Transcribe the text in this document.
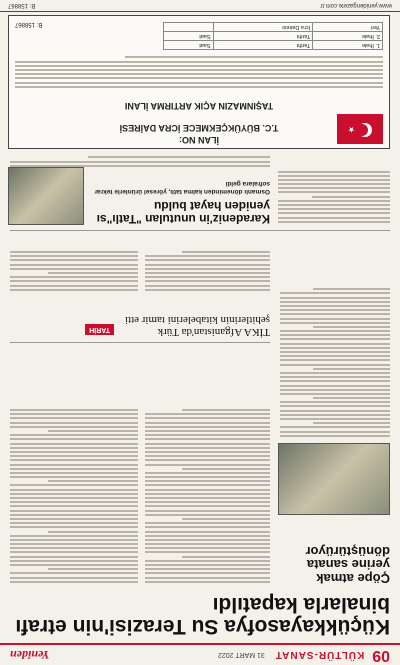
09
KÜLTÜR-SANAT
31 MART 2022
Yeniden
Küçükkayasofya Su Terazisi'nin etrafı binalarla kapatıldı
Çöpe atmak yerine sanata dönüştürüyor
TİKA Afganistan'da Türk şehitlerinin kitabelerini tamir etti
TARİH
Karadeniz'in unutulan "Tatlı"sı yeniden hayat buldu
Osmanlı döneminden kalma tatlı, yöresel ürünlerle tekrar sofralara geldi
★
İLAN NO:
T.C. BÜYÜKÇEKMECE İCRA DAİRESİ
TAŞINMAZIN AÇIK ARTIRMA İLANI
1. İhale	Tarihi	Saat
2. İhale	Tarihi	Saat
Yeri	İcra Dairesi	
B: 158867
www.yenidengazete.com.tr
B: 158867
